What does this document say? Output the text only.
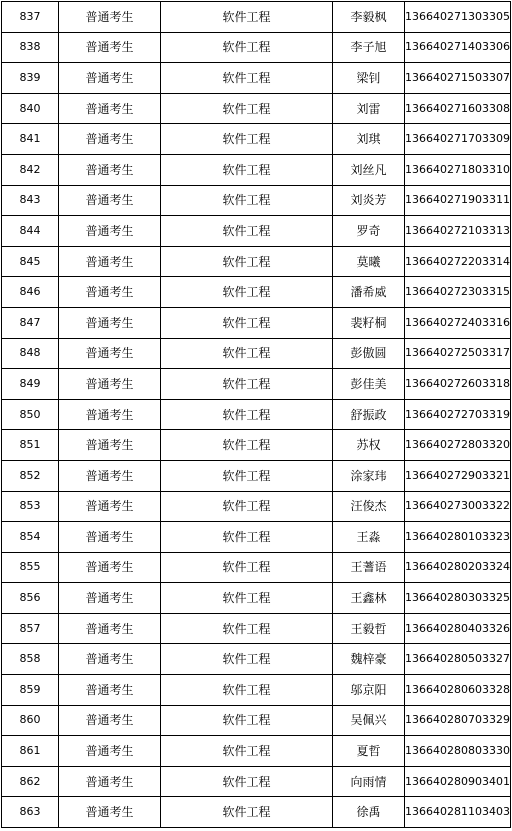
837	普通考生	软件工程	李毅枫	136640271303305
838	普通考生	软件工程	李子旭	136640271403306
839	普通考生	软件工程	梁钊	136640271503307
840	普通考生	软件工程	刘雷	136640271603308
841	普通考生	软件工程	刘琪	136640271703309
842	普通考生	软件工程	刘丝凡	136640271803310
843	普通考生	软件工程	刘炎芳	136640271903311
844	普通考生	软件工程	罗奇	136640272103313
845	普通考生	软件工程	莫曦	136640272203314
846	普通考生	软件工程	潘希威	136640272303315
847	普通考生	软件工程	裴籽桐	136640272403316
848	普通考生	软件工程	彭傲圆	136640272503317
849	普通考生	软件工程	彭佳美	136640272603318
850	普通考生	软件工程	舒振政	136640272703319
851	普通考生	软件工程	苏权	136640272803320
852	普通考生	软件工程	涂家玮	136640272903321
853	普通考生	软件工程	汪俊杰	136640273003322
854	普通考生	软件工程	王淼	136640280103323
855	普通考生	软件工程	王蓍语	136640280203324
856	普通考生	软件工程	王鑫林	136640280303325
857	普通考生	软件工程	王毅哲	136640280403326
858	普通考生	软件工程	魏梓豪	136640280503327
859	普通考生	软件工程	邬京阳	136640280603328
860	普通考生	软件工程	吴佩兴	136640280703329
861	普通考生	软件工程	夏哲	136640280803330
862	普通考生	软件工程	向雨情	136640280903401
863	普通考生	软件工程	徐禹	136640281103403
